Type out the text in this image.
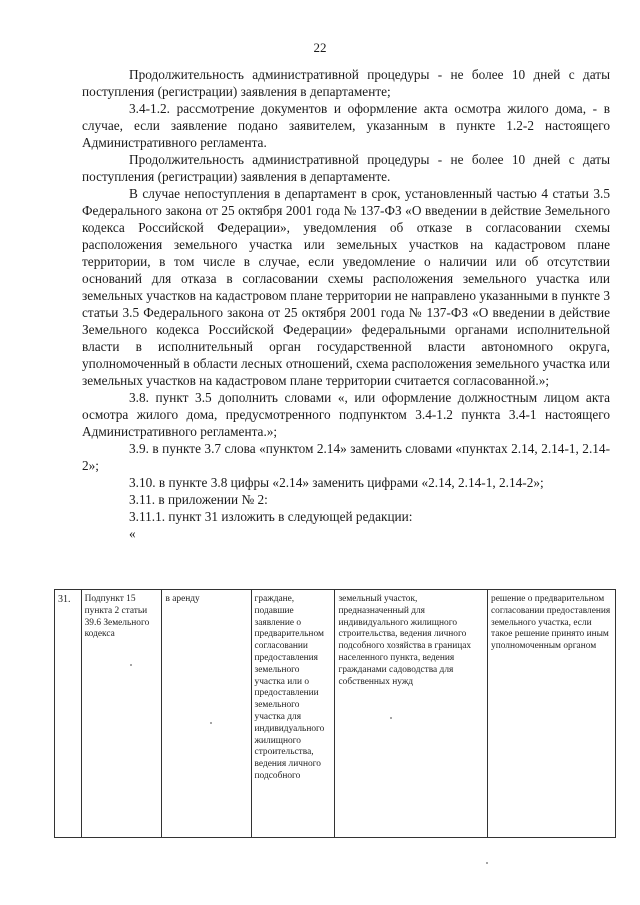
22

Продолжительность административной процедуры - не более 10 дней с даты поступления (регистрации) заявления в департаменте;

3.4-1.2. рассмотрение документов и оформление акта осмотра жилого дома, - в случае, если заявление подано заявителем, указанным в пункте 1.2-2 настоящего Административного регламента.

Продолжительность административной процедуры - не более 10 дней с даты поступления (регистрации) заявления в департаменте.

В случае непоступления в департамент в срок, установленный частью 4 статьи 3.5 Федерального закона от 25 октября 2001 года № 137-ФЗ «О введении в действие Земельного кодекса Российской Федерации», уведомления об отказе в согласовании схемы расположения земельного участка или земельных участков на кадастровом плане территории, в том числе в случае, если уведомление о наличии или об отсутствии оснований для отказа в согласовании схемы расположения земельного участка или земельных участков на кадастровом плане территории не направлено указанными в пункте 3 статьи 3.5 Федерального закона от 25 октября 2001 года № 137-ФЗ «О введении в действие Земельного кодекса Российской Федерации» федеральными органами исполнительной власти в исполнительный орган государственной власти автономного округа, уполномоченный в области лесных отношений, схема расположения земельного участка или земельных участков на кадастровом плане территории считается согласованной.»;

3.8. пункт 3.5 дополнить словами «, или оформление должностным лицом акта осмотра жилого дома, предусмотренного подпунктом 3.4-1.2 пункта 3.4-1 настоящего Административного регламента.»;

3.9. в пункте 3.7 слова «пунктом 2.14» заменить словами «пунктах 2.14, 2.14-1, 2.14-2»;

3.10. в пункте 3.8 цифры «2.14» заменить цифрами «2.14, 2.14-1, 2.14-2»;

3.11. в приложении № 2:

3.11.1. пункт 31 изложить в следующей редакции:

«

31.	Подпункт 15 пункта 2 статьи 39.6 Земельного кодекса	в аренду	граждане, подавшие заявление о предварительном согласовании предоставления земельного участка или о предоставлении земельного участка для индивидуального жилищного строительства, ведения личного подсобного	земельный участок, предназначенный для индивидуального жилищного строительства, ведения личного подсобного хозяйства в границах населенного пункта, ведения гражданами садоводства для собственных нужд	решение о предварительном согласовании предоставления земельного участка, если такое решение принято иным уполномоченным органом
